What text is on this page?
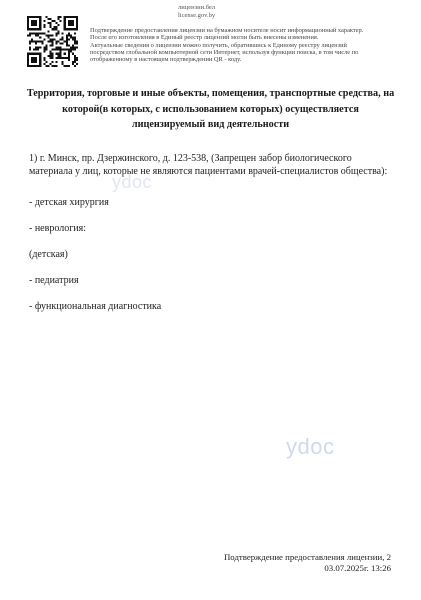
лицензии.бел
license.gov.by
Подтверждение предоставления лицензии на бумажном носителе носит информационный характер.
После его изготовления в Единый реестр лицензий могли быть внесены изменения.
Актуальные сведения о лицензии можно получить, обратившись к Единому реестру лицензий
посредством глобальной компьютерной сети Интернет, используя функции поиска, в том числе по
отображенному в настоящем подтверждении QR - коду.
Территория, торговые и иные объекты, помещения, транспортные средства, на
которой(в которых, с использованием которых) осуществляется
лицензируемый вид деятельности
1) г. Минск, пр. Дзержинского, д. 123-538, (Запрещен забор биологического
материала у лиц, которые не являются пациентами врачей-специалистов общества):
- детская хирургия
- неврология:
(детская)
- педиатрия
- функциональная диагностика
ydoc
ydoc
Подтверждение предоставления лицензии, 2
03.07.2025г. 13:26
